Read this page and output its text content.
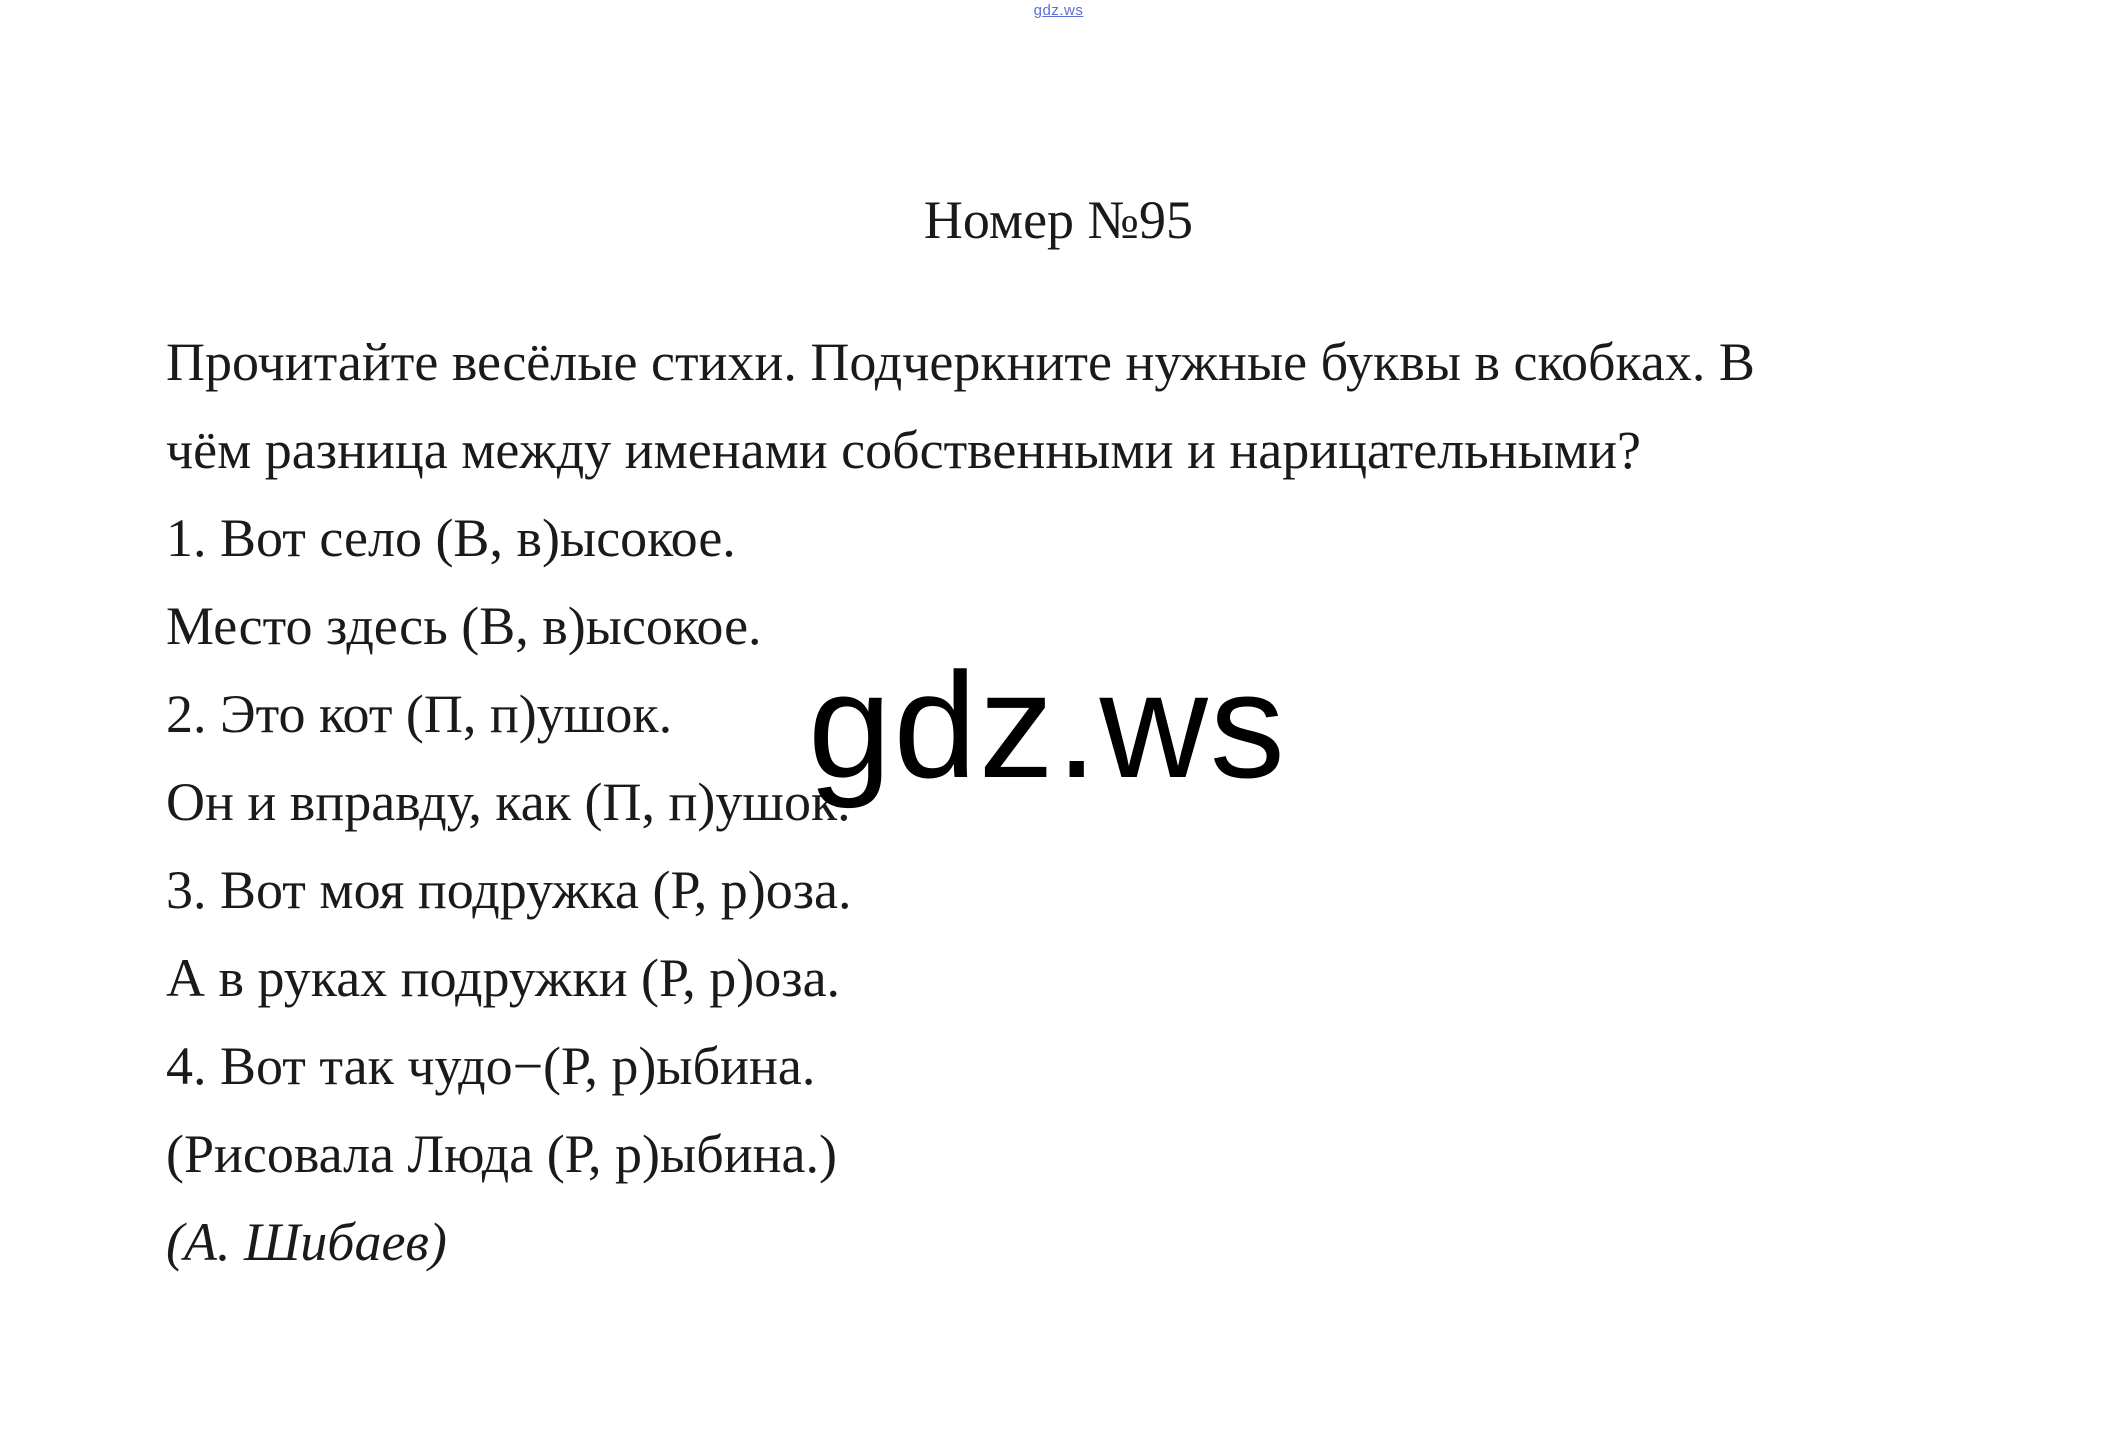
gdz.ws
Номер №95
Прочитайте весёлые стихи. Подчеркните нужные буквы в скобках. В
чём разница между именами собственными и нарицательными?
1. Вот село (В, в)ысокое.
Место здесь (В, в)ысокое.
2. Это кот (П, п)ушок.
Он и вправду, как (П, п)ушок.
3. Вот моя подружка (Р, р)оза.
А в руках подружки (Р, р)оза.
4. Вот так чудо−(Р, р)ыбина.
(Рисовала Люда (Р, р)ыбина.)
(А. Шибаев)
gdz.ws
